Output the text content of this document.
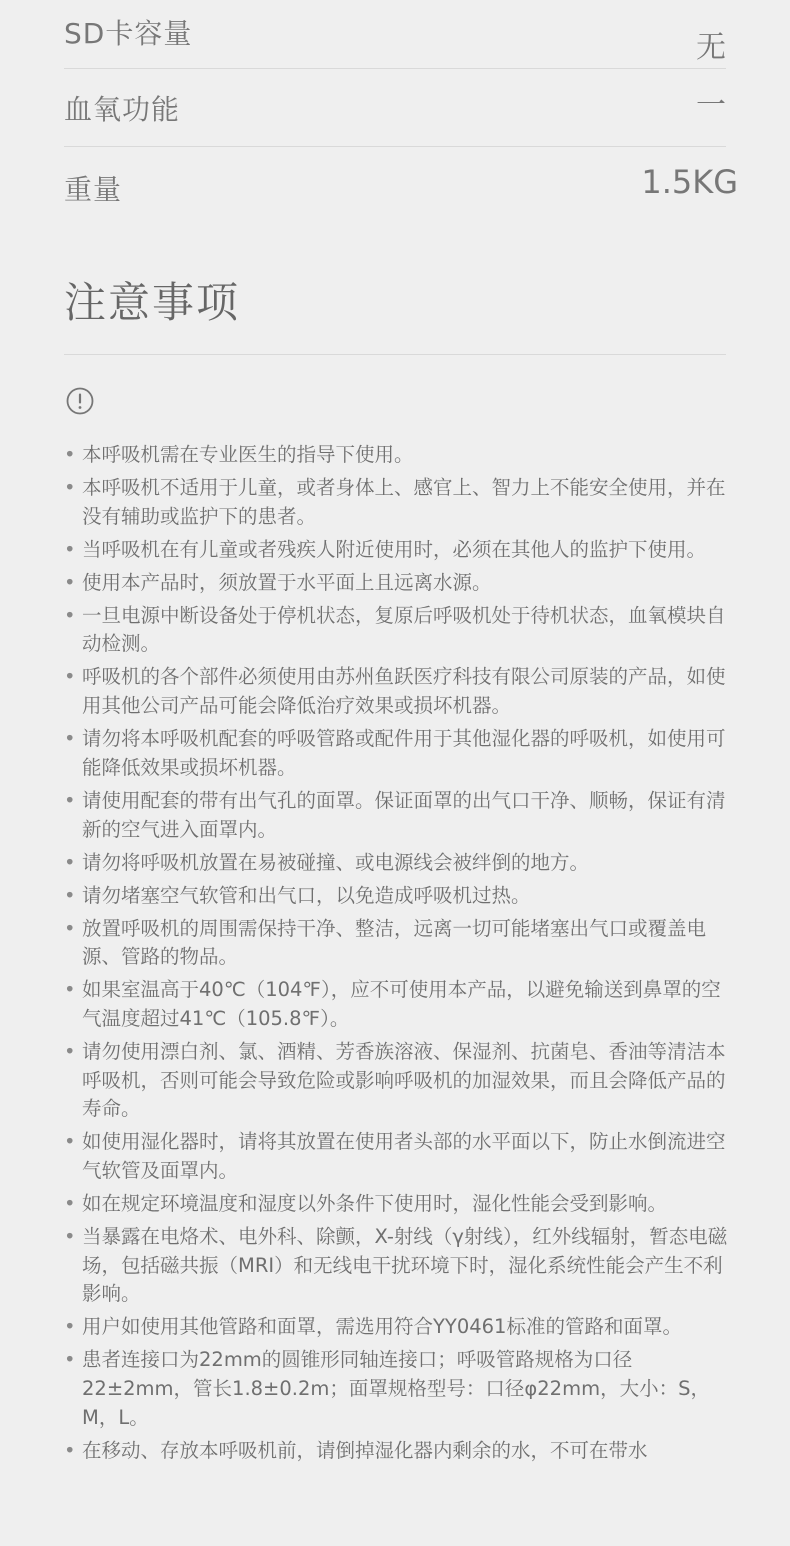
SD卡容量	无
血氧功能	一
重量	1.5KG
注意事项
• 本呼吸机需在专业医生的指导下使用。
• 本呼吸机不适用于儿童，或者身体上、感官上、智力上不能安全使用，并在没有辅助或监护下的患者。
• 当呼吸机在有儿童或者残疾人附近使用时，必须在其他人的监护下使用。
• 使用本产品时，须放置于水平面上且远离水源。
• 一旦电源中断设备处于停机状态，复原后呼吸机处于待机状态，血氧模块自动检测。
• 呼吸机的各个部件必须使用由苏州鱼跃医疗科技有限公司原装的产品，如使用其他公司产品可能会降低治疗效果或损坏机器。
• 请勿将本呼吸机配套的呼吸管路或配件用于其他湿化器的呼吸机，如使用可能降低效果或损坏机器。
• 请使用配套的带有出气孔的面罩。保证面罩的出气口干净、顺畅，保证有清新的空气进入面罩内。
• 请勿将呼吸机放置在易被碰撞、或电源线会被绊倒的地方。
• 请勿堵塞空气软管和出气口，以免造成呼吸机过热。
• 放置呼吸机的周围需保持干净、整洁，远离一切可能堵塞出气口或覆盖电源、管路的物品。
• 如果室温高于40℃（104℉），应不可使用本产品，以避免输送到鼻罩的空气温度超过41℃（105.8℉）。
• 请勿使用漂白剂、氯、酒精、芳香族溶液、保湿剂、抗菌皂、香油等清洁本呼吸机，否则可能会导致危险或影响呼吸机的加湿效果，而且会降低产品的寿命。
• 如使用湿化器时，请将其放置在使用者头部的水平面以下，防止水倒流进空气软管及面罩内。
• 如在规定环境温度和湿度以外条件下使用时，湿化性能会受到影响。
• 当暴露在电烙术、电外科、除颤，X-射线（γ射线），红外线辐射，暂态电磁场，包括磁共振（MRI）和无线电干扰环境下时，湿化系统性能会产生不利影响。
• 用户如使用其他管路和面罩，需选用符合YY0461标准的管路和面罩。
• 患者连接口为22mm的圆锥形同轴连接口；呼吸管路规格为口径22±2mm，管长1.8±0.2m；面罩规格型号：口径φ22mm，大小：S，M，L。
• 在移动、存放本呼吸机前，请倒掉湿化器内剩余的水，不可在带水
